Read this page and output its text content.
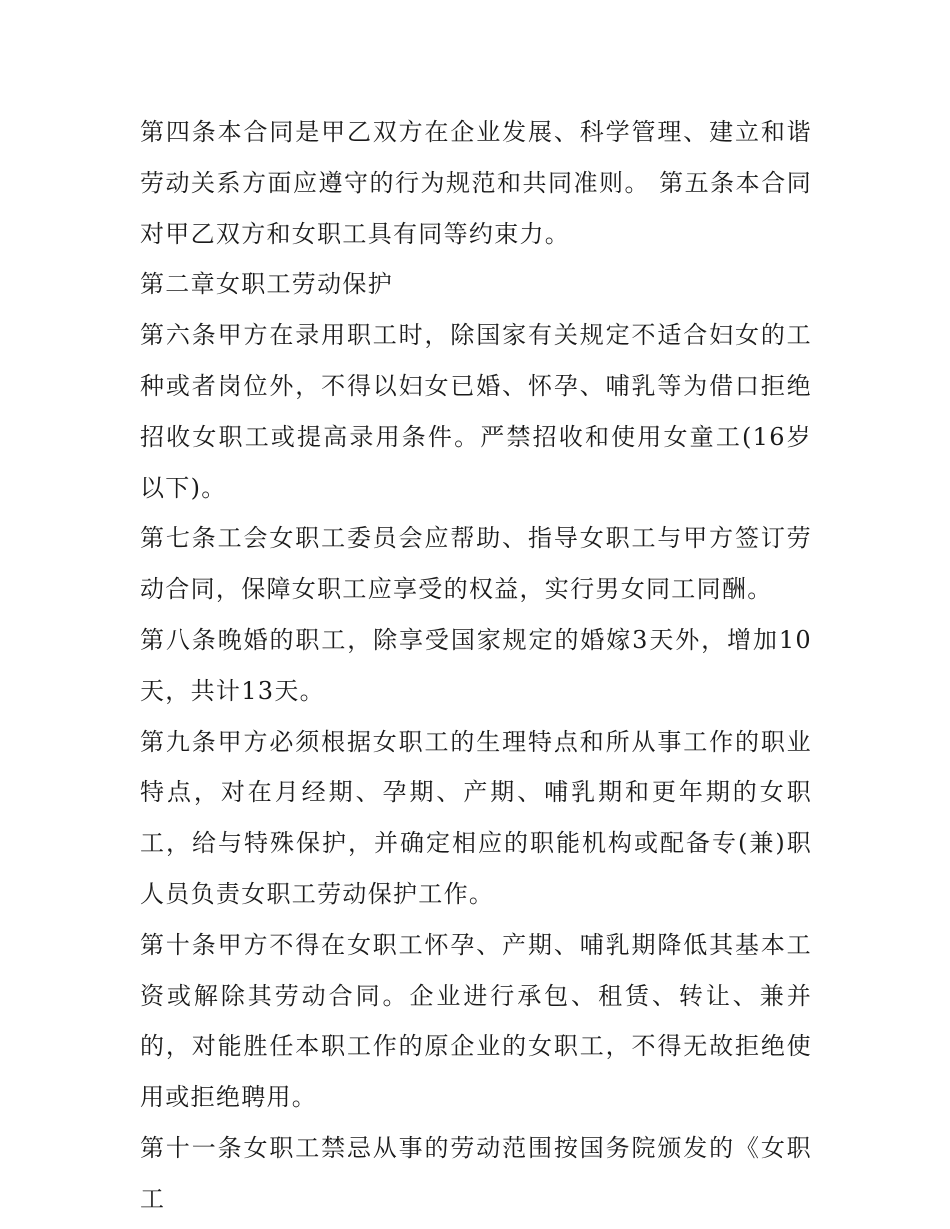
第四条本合同是甲乙双方在企业发展、科学管理、建立和谐劳动关系方面应遵守的行为规范和共同准则。 第五条本合同对甲乙双方和女职工具有同等约束力。

第二章女职工劳动保护

第六条甲方在录用职工时，除国家有关规定不适合妇女的工种或者岗位外，不得以妇女已婚、怀孕、哺乳等为借口拒绝招收女职工或提高录用条件。严禁招收和使用女童工(16岁以下)。

第七条工会女职工委员会应帮助、指导女职工与甲方签订劳动合同，保障女职工应享受的权益，实行男女同工同酬。

第八条晚婚的职工，除享受国家规定的婚嫁3天外，增加10天，共计13天。

第九条甲方必须根据女职工的生理特点和所从事工作的职业特点，对在月经期、孕期、产期、哺乳期和更年期的女职工，给与特殊保护，并确定相应的职能机构或配备专(兼)职人员负责女职工劳动保护工作。

第十条甲方不得在女职工怀孕、产期、哺乳期降低其基本工资或解除其劳动合同。企业进行承包、租赁、转让、兼并的，对能胜任本职工作的原企业的女职工，不得无故拒绝使用或拒绝聘用。

第十一条女职工禁忌从事的劳动范围按国务院颁发的《女职工
